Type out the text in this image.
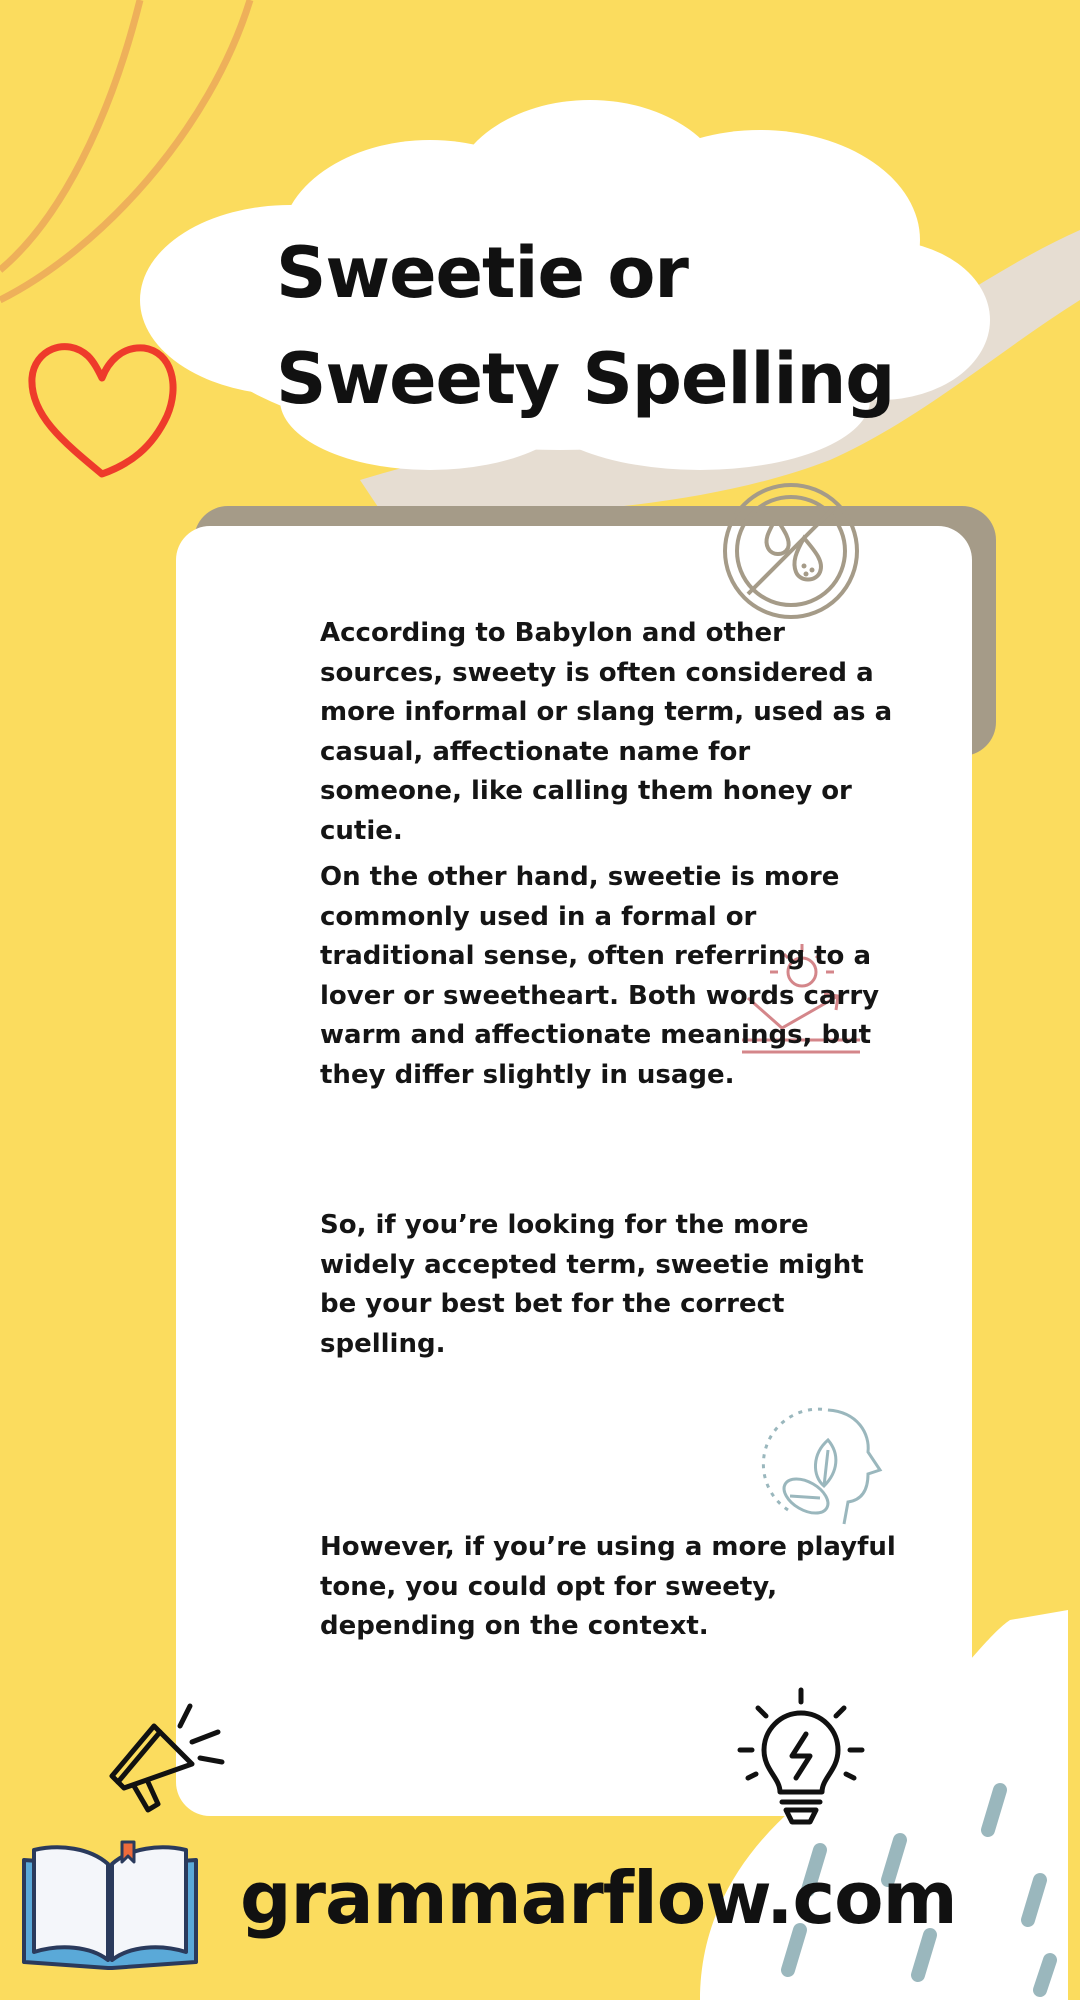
Sweetie or
Sweety Spelling

According to Babylon and other sources, sweety is often considered a more informal or slang term, used as a casual, affectionate name for someone, like calling them honey or cutie.

On the other hand, sweetie is more commonly used in a formal or traditional sense, often referring to a lover or sweetheart. Both words carry warm and affectionate meanings, but they differ slightly in usage.

So, if you’re looking for the more widely accepted term, sweetie might be your best bet for the correct spelling.

However, if you’re using a more playful tone, you could opt for sweety, depending on the context.

grammarflow.com
